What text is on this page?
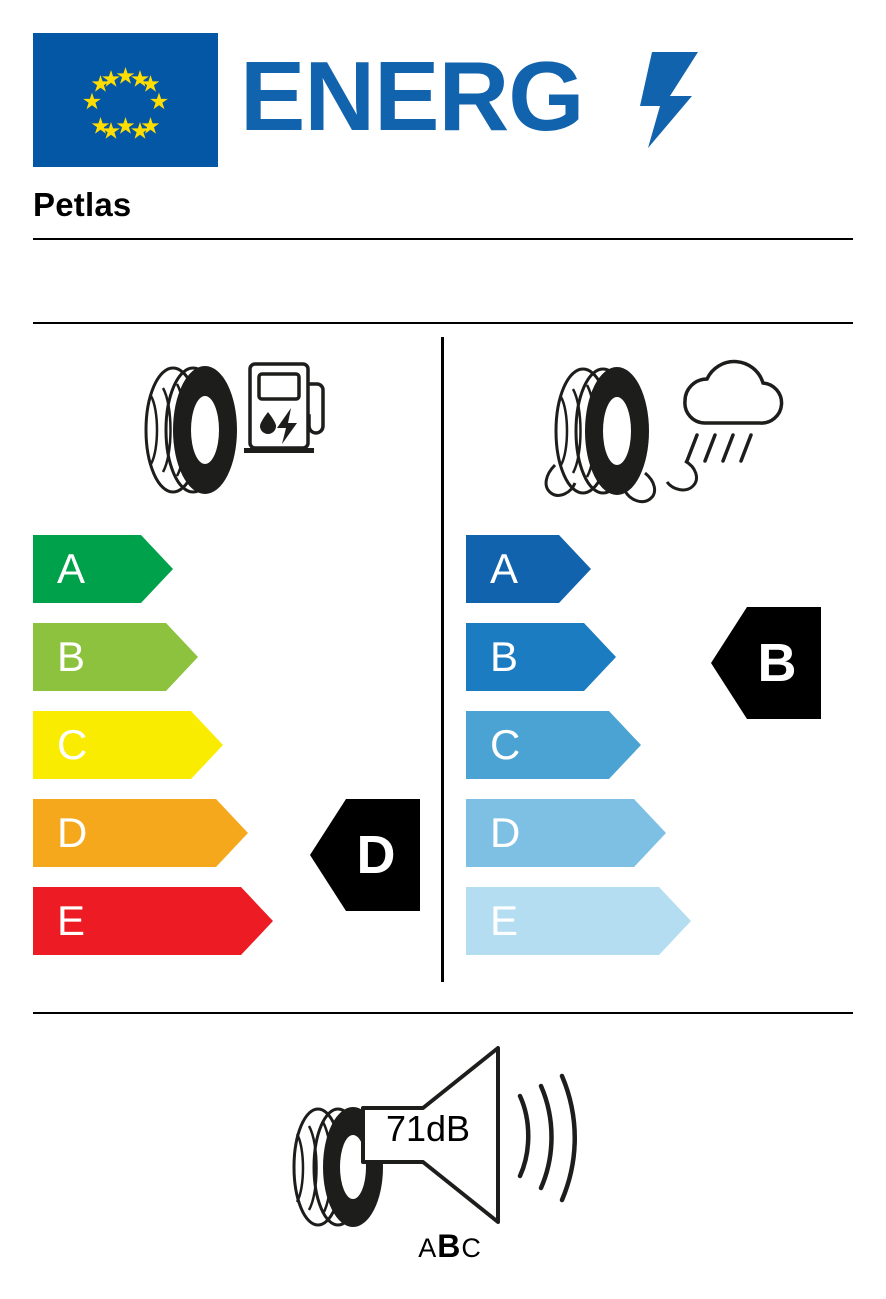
ENERG
Petlas
A
B
C
D
E
D
A
B
C
D
E
B
71dB
ABC
